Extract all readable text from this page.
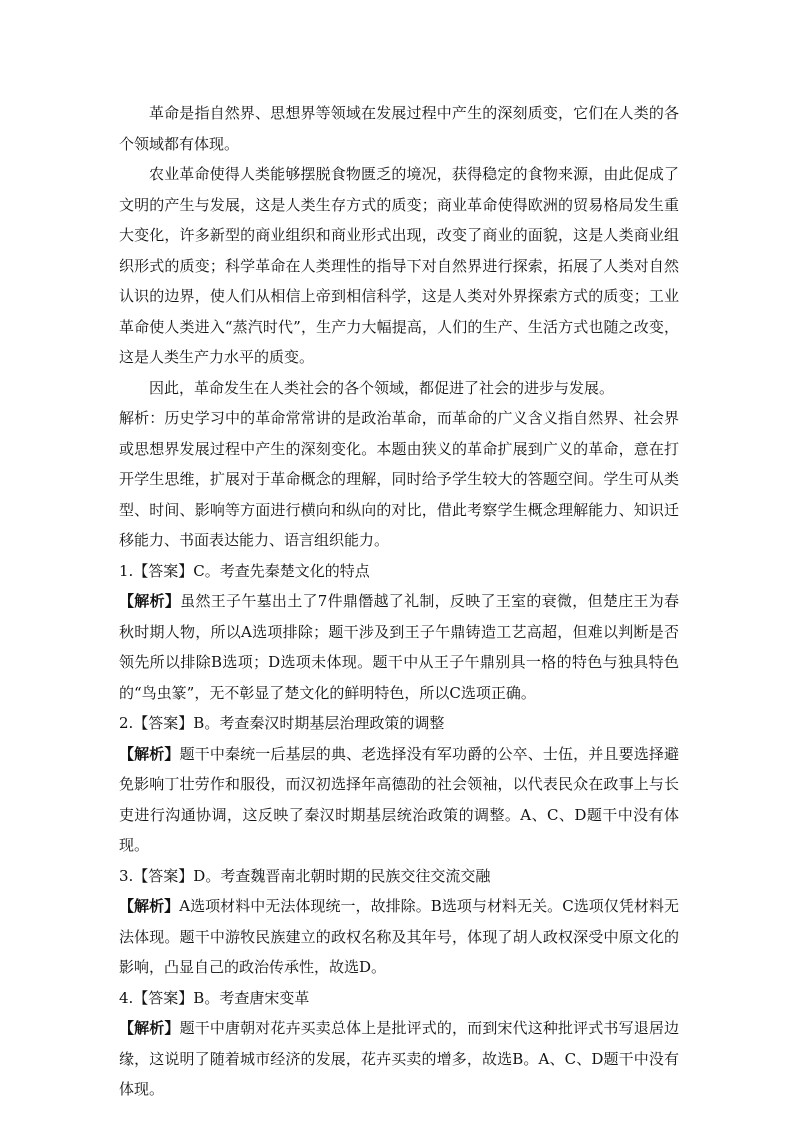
革命是指自然界、思想界等领域在发展过程中产生的深刻质变，它们在人类的各个领域都有体现。

农业革命使得人类能够摆脱食物匮乏的境况，获得稳定的食物来源，由此促成了文明的产生与发展，这是人类生存方式的质变；商业革命使得欧洲的贸易格局发生重大变化，许多新型的商业组织和商业形式出现，改变了商业的面貌，这是人类商业组织形式的质变；科学革命在人类理性的指导下对自然界进行探索，拓展了人类对自然认识的边界，使人们从相信上帝到相信科学，这是人类对外界探索方式的质变；工业革命使人类进入“蒸汽时代”，生产力大幅提高，人们的生产、生活方式也随之改变，这是人类生产力水平的质变。

因此，革命发生在人类社会的各个领域，都促进了社会的进步与发展。

解析：历史学习中的革命常常讲的是政治革命，而革命的广义含义指自然界、社会界或思想界发展过程中产生的深刻变化。本题由狭义的革命扩展到广义的革命，意在打开学生思维，扩展对于革命概念的理解，同时给予学生较大的答题空间。学生可从类型、时间、影响等方面进行横向和纵向的对比，借此考察学生概念理解能力、知识迁移能力、书面表达能力、语言组织能力。

1.【答案】C。考查先秦楚文化的特点

【解析】虽然王子午墓出土了7件鼎僭越了礼制，反映了王室的衰微，但楚庄王为春秋时期人物，所以A选项排除；题干涉及到王子午鼎铸造工艺高超，但难以判断是否领先所以排除B选项；D选项未体现。题干中从王子午鼎别具一格的特色与独具特色的“鸟虫篆”，无不彰显了楚文化的鲜明特色，所以C选项正确。

2.【答案】B。考查秦汉时期基层治理政策的调整

【解析】题干中秦统一后基层的典、老选择没有军功爵的公卒、士伍，并且要选择避免影响丁壮劳作和服役，而汉初选择年高德劭的社会领袖，以代表民众在政事上与长吏进行沟通协调，这反映了秦汉时期基层统治政策的调整。A、C、D题干中没有体现。

3.【答案】D。考查魏晋南北朝时期的民族交往交流交融

【解析】A选项材料中无法体现统一，故排除。B选项与材料无关。C选项仅凭材料无法体现。题干中游牧民族建立的政权名称及其年号，体现了胡人政权深受中原文化的影响，凸显自己的政治传承性，故选D。

4.【答案】B。考查唐宋变革

【解析】题干中唐朝对花卉买卖总体上是批评式的，而到宋代这种批评式书写退居边缘，这说明了随着城市经济的发展，花卉买卖的增多，故选B。A、C、D题干中没有体现。
